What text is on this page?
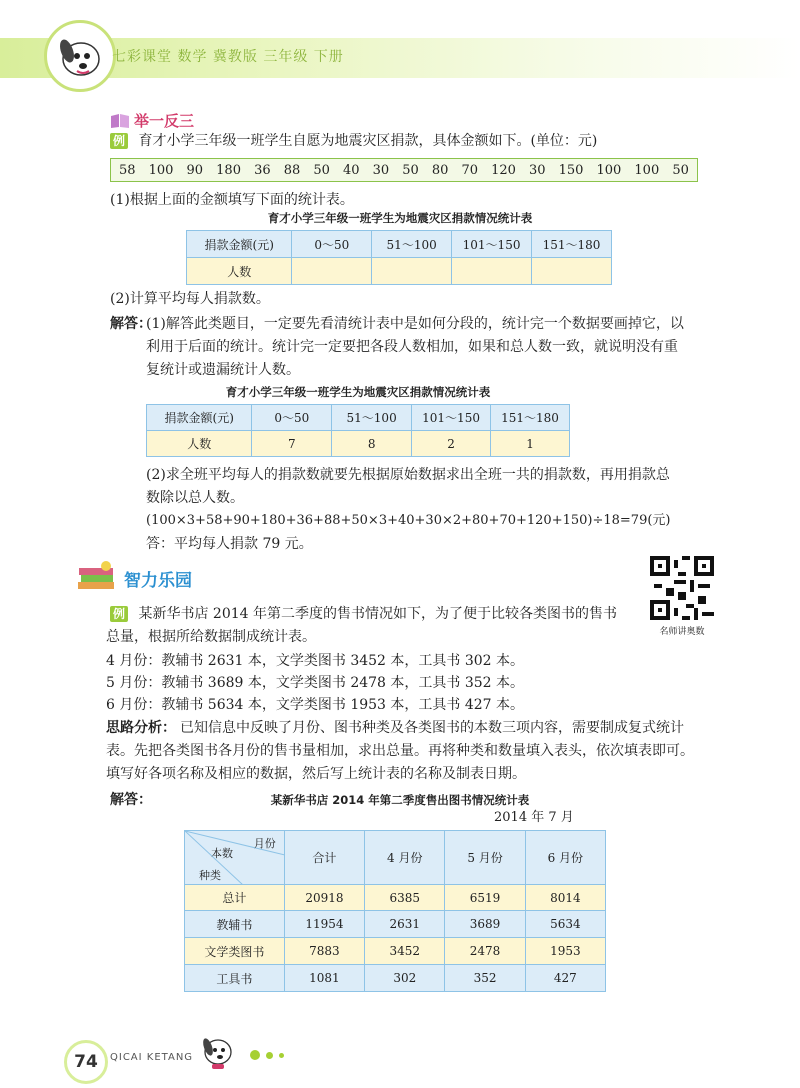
七彩课堂 数学 冀教版 三年级 下册
举一反三
例 育才小学三年级一班学生自愿为地震灾区捐款，具体金额如下。(单位：元)
58 100 90 180 36 88 50 40 30 50 80 70 120 30 150 100 100 50
(1)根据上面的金额填写下面的统计表。
育才小学三年级一班学生为地震灾区捐款情况统计表
捐款金额(元)	0～50	51～100	101～150	151～180
人数				
(2)计算平均每人捐款数。
解答：
(1)解答此类题目，一定要先看清统计表中是如何分段的，统计完一个数据要画掉它，以
利用于后面的统计。统计完一定要把各段人数相加，如果和总人数一致，就说明没有重
复统计或遗漏统计人数。
育才小学三年级一班学生为地震灾区捐款情况统计表
捐款金额(元)	0～50	51～100	101～150	151～180
人数	7	8	2	1
(2)求全班平均每人的捐款数就要先根据原始数据求出全班一共的捐款数，再用捐款总
数除以总人数。
(100×3+58+90+180+36+88+50×3+40+30×2+80+70+120+150)÷18=79(元)
答：平均每人捐款 79 元。
智力乐园
名师讲奥数
例 某新华书店 2014 年第二季度的售书情况如下，为了便于比较各类图书的售书
总量，根据所给数据制成统计表。
4 月份：教辅书 2631 本，文学类图书 3452 本，工具书 302 本。
5 月份：教辅书 3689 本，文学类图书 2478 本，工具书 352 本。
6 月份：教辅书 5634 本，文学类图书 1953 本，工具书 427 本。
思路分析： 已知信息中反映了月份、图书种类及各类图书的本数三项内容，需要制成复式统计
表。先把各类图书各月份的售书量相加，求出总量。再将种类和数量填入表头，依次填表即可。
填写好各项名称及相应的数据，然后写上统计表的名称及制表日期。
解答：	某新华书店 2014 年第二季度售出图书情况统计表
2014 年 7 月
月份
本数
种类	合计	4 月份	5 月份	6 月份
总计	20918	6385	6519	8014
教辅书	11954	2631	3689	5634
文学类图书	7883	3452	2478	1953
工具书	1081	302	352	427
74	QICAI KETANG
